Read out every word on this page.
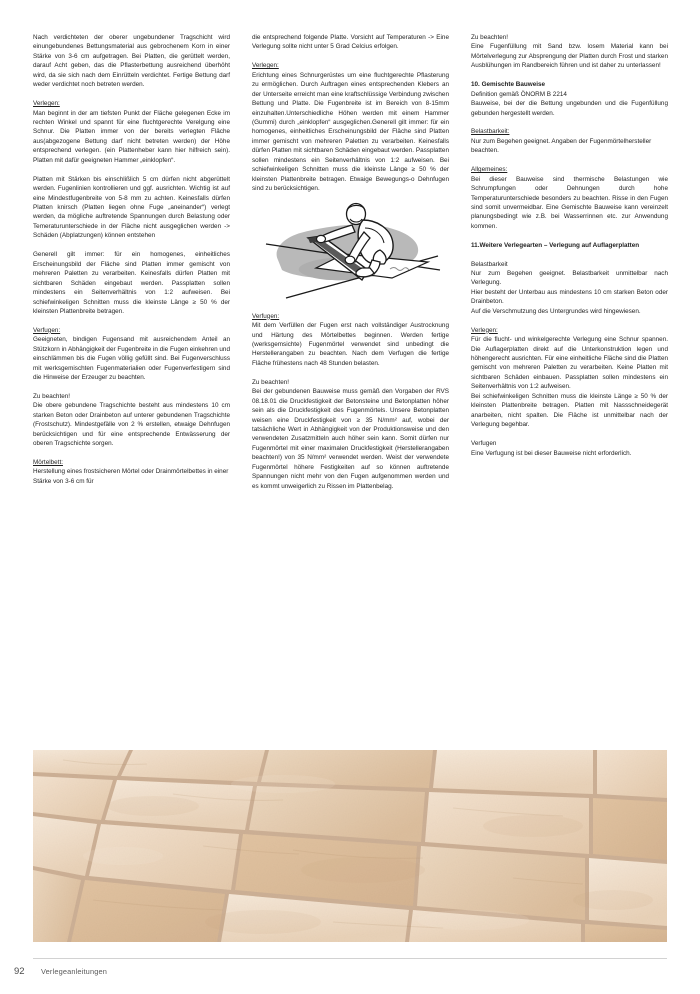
Nach verdichteten der oberer ungebundener Tragschicht wird einungebundenes Bettungsmaterial aus gebrochenem Korn in einer Stärke von 3-6 cm aufgetragen. Bei Platten, die gerüttelt werden, darauf Acht geben, das die Pflasterbettung ausreichend überhöht wird, da sie sich nach dem Einrütteln verdichtet. Fertige Bettung darf weder verdichtet noch betreten werden.

Verlegen:

Man beginnt in der am tiefsten Punkt der Fläche gelegenen Ecke im rechten Winkel und spannt für eine fluchtgerechte Verelgung eine Schnur. Die Platten immer von der bereits verlegten Fläche aus(abgezogene Bettung darf nicht betreten werden) der Höhe entsprechend verlegen. (ein Plattenheber kann hier hilfreich sein). Platten mit dafür geeigneten Hammer „einklopfen“.

Platten mit Stärken bis einschlißlich 5 cm dürfen nicht abgerüttelt werden. Fugenlinien kontrollieren und ggf. ausrichten. Wichtig ist auf eine Mindestfugenbreite von 5-8 mm zu achten. Keinesfalls dürfen Platten knirsch (Platten liegen ohne Fuge „aneinander“) verlegt werden, da mögliche auftretende Spannungen durch Belastung oder Temeraturunterschiede in der Fläche nicht ausgeglichen werden -> Schäden (Abplatzungen) können entstehen

Generell gilt immer: für ein homogenes, einheitliches Erscheinungsbild der Fläche sind Platten immer gemischt von mehreren Paletten zu verarbeiten. Keinesfalls dürfen Platten mit sichtbaren Schäden eingebaut werden. Passplatten sollen mindestens ein Seitenverhältnis von 1:2 aufweisen. Bei schiefwinkeligen Schnitten muss die kleinste Länge ≥ 50 % der kleinsten Plattenbreite betragen.

Verfugen:

Geeigneten, bindigen Fugensand mit ausreichendem Anteil an Stützkorn in Abhängigkeit der Fugenbreite in die Fugen einkehren und einschlämmen bis die Fugen völlig gefüllt sind. Bei Fugenverschluss mit werksgemischten Fugenmaterialien oder Fugenverfestigern sind die Hinweise der Erzeuger zu beachten.

Zu beachten!

Die obere gebundene Tragschichte besteht aus mindestens 10 cm starken Beton oder Drainbeton auf unterer gebundenen Tragschichte (Frostschutz). Mindestgefälle von 2 % erstellen, etwaige Dehnfugen berücksichtigen und für eine entsprechende Entwässerung der oberen Tragschichte sorgen.

Mörtelbett:

Herstellung eines frostsicheren Mörtel oder Drainmörtelbettes in einer Stärke von 3-6 cm für

die entsprechend folgende Platte. Vorsicht auf Temperaturen -> Eine Verlegung sollte nicht unter 5 Grad Celcius erfolgen.

Verlegen:

Erichtung eines Schnurgerüstes um eine fluchtgerechte Pflasterung zu ermöglichen. Durch Auftragen eines entsprechenden Klebers an der Unterseite erreicht man eine kraftschlüssige Verbindung zwischen Bettung und Platte. Die Fugenbreite ist im Bereich von 8-15mm einzuhalten.Unterschiedliche Höhen werden mit einem Hammer (Gummi) durch „einklopfen“ ausgeglichen.Generell gilt immer: für ein homogenes, einheitliches Erscheinungsbild der Fläche sind Platten immer gemischt von mehreren Paletten zu verarbeiten. Keinesfalls dürfen Platten mit sichtbaren Schäden eingebaut werden. Passplatten sollen mindestens ein Seitenverhältnis von 1:2 aufweisen. Bei schiefwinkeligen Schnitten muss die kleinste Länge ≥ 50 % der kleinsten Plattenbreite betragen. Etwaige Bewegungs-o Dehnfugen sind zu berücksichtigen.

Verfugen:

Mit dem Verfüllen der Fugen erst nach vollständiger Austrocknung und Härtung des Mörtelbettes beginnen. Werden fertige (werksgemsichte) Fugenmörtel verwendet sind unbedingt die Herstellerangaben zu beachten. Nach dem Verfugen die fertige Fläche frühestens nach 48 Stunden belasten.

Zu beachten!

Bei der gebundenen Bauweise muss gemäß den Vorgaben der RVS 08.18.01 die Druckfestigkeit der Betonsteine und Betonplatten höher sein als die Druckfestigkeit des Fugenmörtels. Unsere Betonplatten weisen eine Druckfestigkeit von ≥ 35 N/mm² auf, wobei der tatsächliche Wert in Abhängigkeit von der Produktionsweise und den verwendeten Zusatzmitteln auch höher sein kann. Somit dürfen nur Fugenmörtel mit einer maximalen Druckfestigkeit (Herstellerangaben beachten!) von 35 N/mm² verwendet werden. Weist der verwendete Fugenmörtel höhere Festigkeiten auf so können auftretende Spannungen nicht mehr von den Fugen aufgenommen werden und es kommt unweigerlich zu Rissen im Plattenbelag.

Zu beachten!

Eine Fugenfüllung mit Sand bzw. losem Material kann bei Mörtelverlegung zur Absprengung der Platten durch Frost und starken Ausblühungen im Randbereich führen und ist daher zu unterlassen!

10. Gemischte Bauweise

Definition gemäß ÖNORM B 2214

Bauweise, bei der die Bettung ungebunden und die Fugenfüllung gebunden hergestellt werden.

Belastbarkeit:

Nur zum Begehen geeignet. Angaben der Fugenmörtelhersteller beachten.

Allgemeines:

Bei dieser Bauweise sind thermische Belastungen wie Schrumpfungen oder Dehnungen durch hohe Temperaturunterschiede besonders zu beachten. Risse in den Fugen sind somit unvermeidbar. Eine Gemischte Bauweise kann vereinzelt planungsbedingt wie z.B. bei Wasserrinnen etc. zur Anwendung kommen.

11.Weitere Verlegearten – Verlegung auf Auflagerplatten

Belastbarkeit

Nur zum Begehen geeignet. Belastbarkeit unmittelbar nach Verlegung.

Hier besteht der Unterbau aus mindestens 10 cm starken Beton oder Drainbeton.

Auf die Verschmutzung des Untergrundes wird hingewiesen.

Verlegen:

Für die flucht- und winkelgerechte Verlegung eine Schnur spannen. Die Auflagerplatten direkt auf die Unterkonstruktion legen und höhengerecht ausrichten. Für eine einheitliche Fläche sind die Platten gemischt von mehreren Paletten zu verarbeiten. Keine Platten mit sichtbaren Schäden einbauen. Passplatten sollen mindestens ein Seitenverhältnis von 1:2 aufweisen.

Bei schiefwinkeligen Schnitten muss die kleinste Länge ≥ 50 % der kleinsten Plattenbreite betragen. Platten mit Nassschneidegerät anarbeiten, nicht spalten. Die Fläche ist unmittelbar nach der Verlegung begehbar.

Verfugen

Eine Verfugung ist bei dieser Bauweise nicht erforderlich.

92	Verlegeanleitungen
